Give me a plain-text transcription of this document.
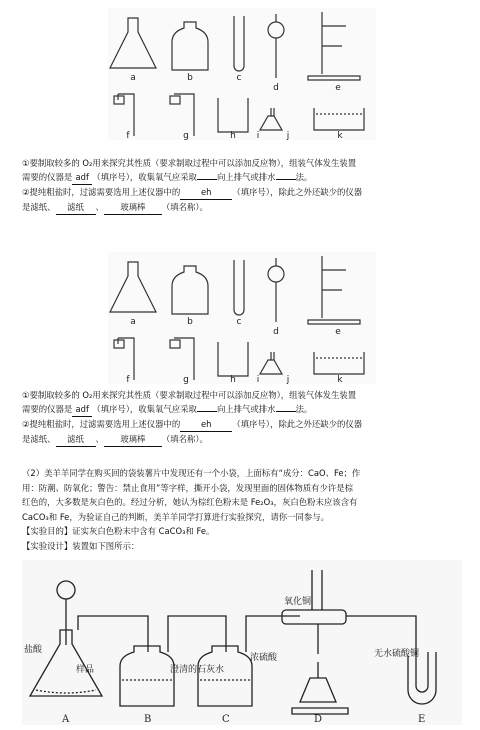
a	b	c
d	e
f	g	h i	j	k
①要制取较多的 O₂用来探究其性质（要求制取过程中可以添加反应物），组装气体发生装置
需要的仪器是 adf （填序号），收集氧气应采取 向上排气或排水 法。
②提纯粗盐时，过滤需要选用上述仪器中的 eh （填序号），除此之外还缺少的仪器
是滤纸、 滤纸 、 玻璃棒 （填名称）。
a	b	c
d	e
f	g	h i	j	k
①要制取较多的 O₂用来探究其性质（要求制取过程中可以添加反应物），组装气体发生装置
需要的仪器是 adf （填序号），收集氧气应采取 向上排气或排水 法。
②提纯粗盐时，过滤需要选用上述仪器中的 eh （填序号），除此之外还缺少的仪器
是滤纸、 滤纸 、 玻璃棒 （填名称）。

（2）美羊羊同学在购买回的袋装薯片中发现还有一个小袋，上面标有“成分：CaO、Fe；作

用：防潮、防氧化；警告：禁止食用”等字样，撕开小袋，发现里面的固体物质有少许是棕

红色的，大多数是灰白色的。经过分析，她认为棕红色粉末是 Fe₂O₃，灰白色粉末应该含有

CaCO₃和 Fe，为验证自己的判断，美羊羊同学打算进行实验探究，请你一同参与。

【实验目的】证实灰白色粉末中含有 CaCO₃和 Fe。

【实验设计】装置如下图所示：

盐酸
样品	澄清的石灰水
浓硫酸
氧化铜
无水硫酸铜
A	B	C	D	E
